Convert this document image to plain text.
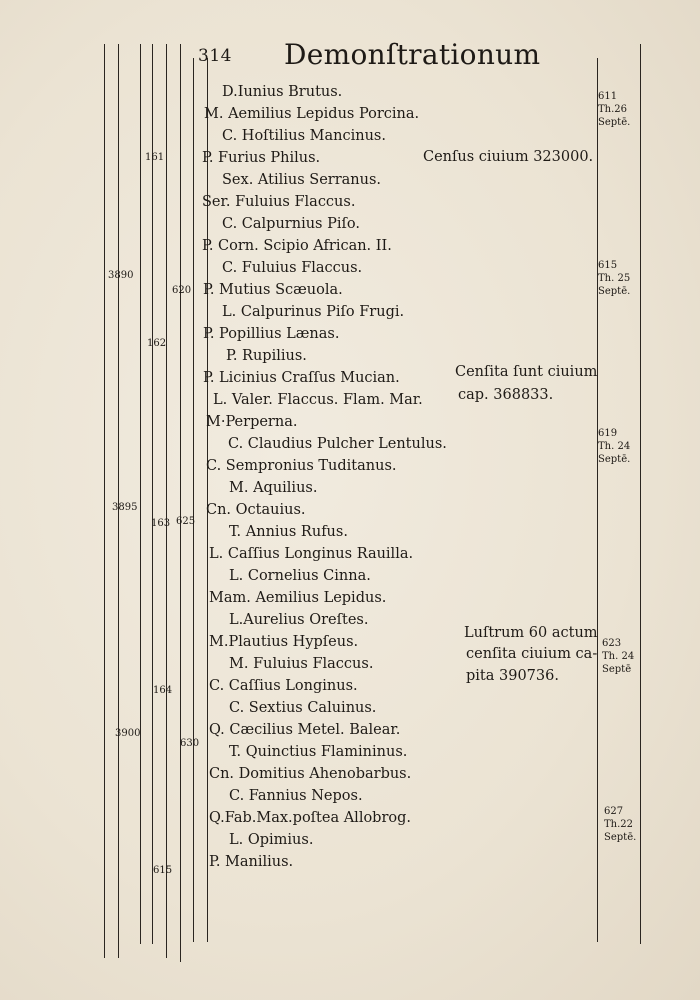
314 Demonſtrationum
D.Iunius Brutus.
M. Aemilius Lepidus Porcina.
C. Hoſtilius Mancinus.
P. Furius Philus.
Sex. Atilius Serranus.
Ser. Fuluius Flaccus.
C. Calpurnius Piſo.
P. Corn. Scipio African. II.
C. Fuluius Flaccus.
P. Mutius Scæuola.
L. Calpurinus Piſo Frugi.
P. Popillius Lænas.
P. Rupilius.
P. Licinius Craſſus Mucian.
L. Valer. Flaccus. Flam. Mar.
M·Perperna.
C. Claudius Pulcher Lentulus.
C. Sempronius Tuditanus.
M. Aquilius.
Cn. Octauius.
T. Annius Rufus.
L. Caſſius Longinus Rauilla.
L. Cornelius Cinna.
Mam. Aemilius Lepidus.
L.Aurelius Oreſtes.
M.Plautius Hypſeus.
M. Fuluius Flaccus.
C. Caſſius Longinus.
C. Sextius Caluinus.
Q. Cæcilius Metel. Balear.
T. Quinctius Flamininus.
Cn. Domitius Ahenobarbus.
C. Fannius Nepos.
Q.Fab.Max.poſtea Allobrog.
L. Opimius.
P. Manilius.
Cenſus ciuium 323000.
Cenſita ſunt ciuium
cap. 368833.
Luſtrum 60 actum
cenſita ciuium ca-
pita 390736.
3890
3895
3900
161
162
163
164
615
620
625
630
611
Th.26
Septē.
615
Th. 25
Septē.
619
Th. 24
Septē.
623
Th. 24
Septē
627
Th.22
Septē.
